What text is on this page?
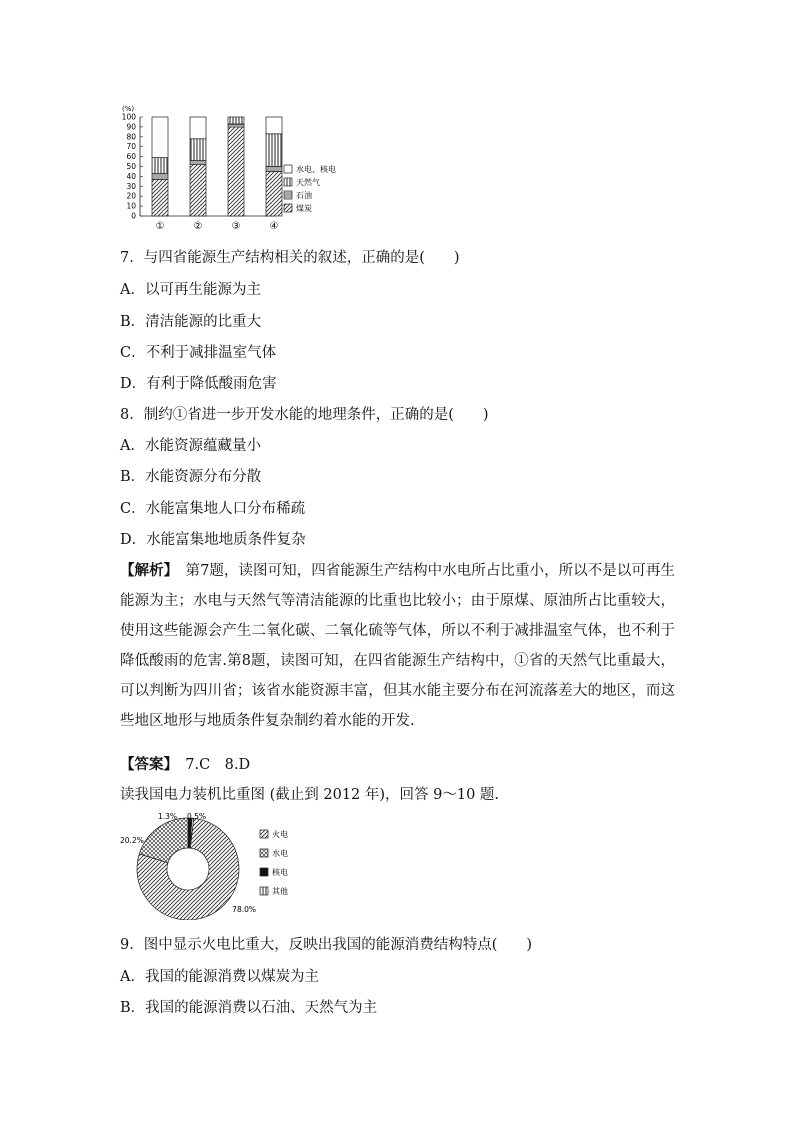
(%)
0
10
20
30
40
50
60
70
80
90
100
①	②	③	④
水电、核电
天然气
石油
煤炭
7．与四省能源生产结构相关的叙述，正确的是(　　)
A．以可再生能源为主
B．清洁能源的比重大
C．不利于减排温室气体
D．有利于降低酸雨危害
8．制约①省进一步开发水能的地理条件，正确的是(　　)
A．水能资源蕴藏量小
B．水能资源分布分散
C．水能富集地人口分布稀疏
D．水能富集地地质条件复杂
【解析】　第7题，读图可知，四省能源生产结构中水电所占比重小，所以不是以可再生能源为主；水电与天然气等清洁能源的比重也比较小；由于原煤、原油所占比重较大，使用这些能源会产生二氧化碳、二氧化硫等气体，所以不利于减排温室气体，也不利于降低酸雨的危害.第8题，读图可知，在四省能源生产结构中，①省的天然气比重最大，可以判断为四川省；该省水能资源丰富，但其水能主要分布在河流落差大的地区，而这些地区地形与地质条件复杂制约着水能的开发.
【答案】　7.C　8.D
读我国电力装机比重图 (截止到 2012 年)，回答 9～10 题.
78.0%
20.2%
1.3% 0.5%
火电
水电
核电
其他
9．图中显示火电比重大，反映出我国的能源消费结构特点(　　)
A．我国的能源消费以煤炭为主
B．我国的能源消费以石油、天然气为主
